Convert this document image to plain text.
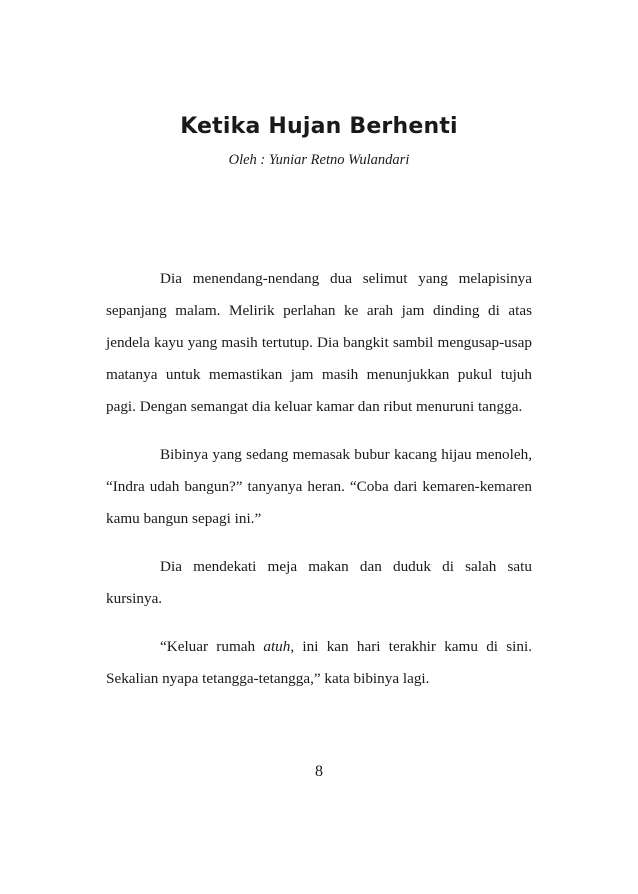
Ketika Hujan Berhenti

Oleh : Yuniar Retno Wulandari

Dia menendang-nendang dua selimut yang melapisinya sepanjang malam. Melirik perlahan ke arah jam dinding di atas jendela kayu yang masih tertutup. Dia bangkit sambil mengusap-usap matanya untuk memastikan jam masih menunjukkan pukul tujuh pagi. Dengan semangat dia keluar kamar dan ribut menuruni tangga.

Bibinya yang sedang memasak bubur kacang hijau menoleh, “Indra udah bangun?” tanyanya heran. “Coba dari kemaren-kemaren kamu bangun sepagi ini.”

Dia mendekati meja makan dan duduk di salah satu kursinya.

“Keluar rumah atuh, ini kan hari terakhir kamu di sini. Sekalian nyapa tetangga-tetangga,” kata bibinya lagi.

8
